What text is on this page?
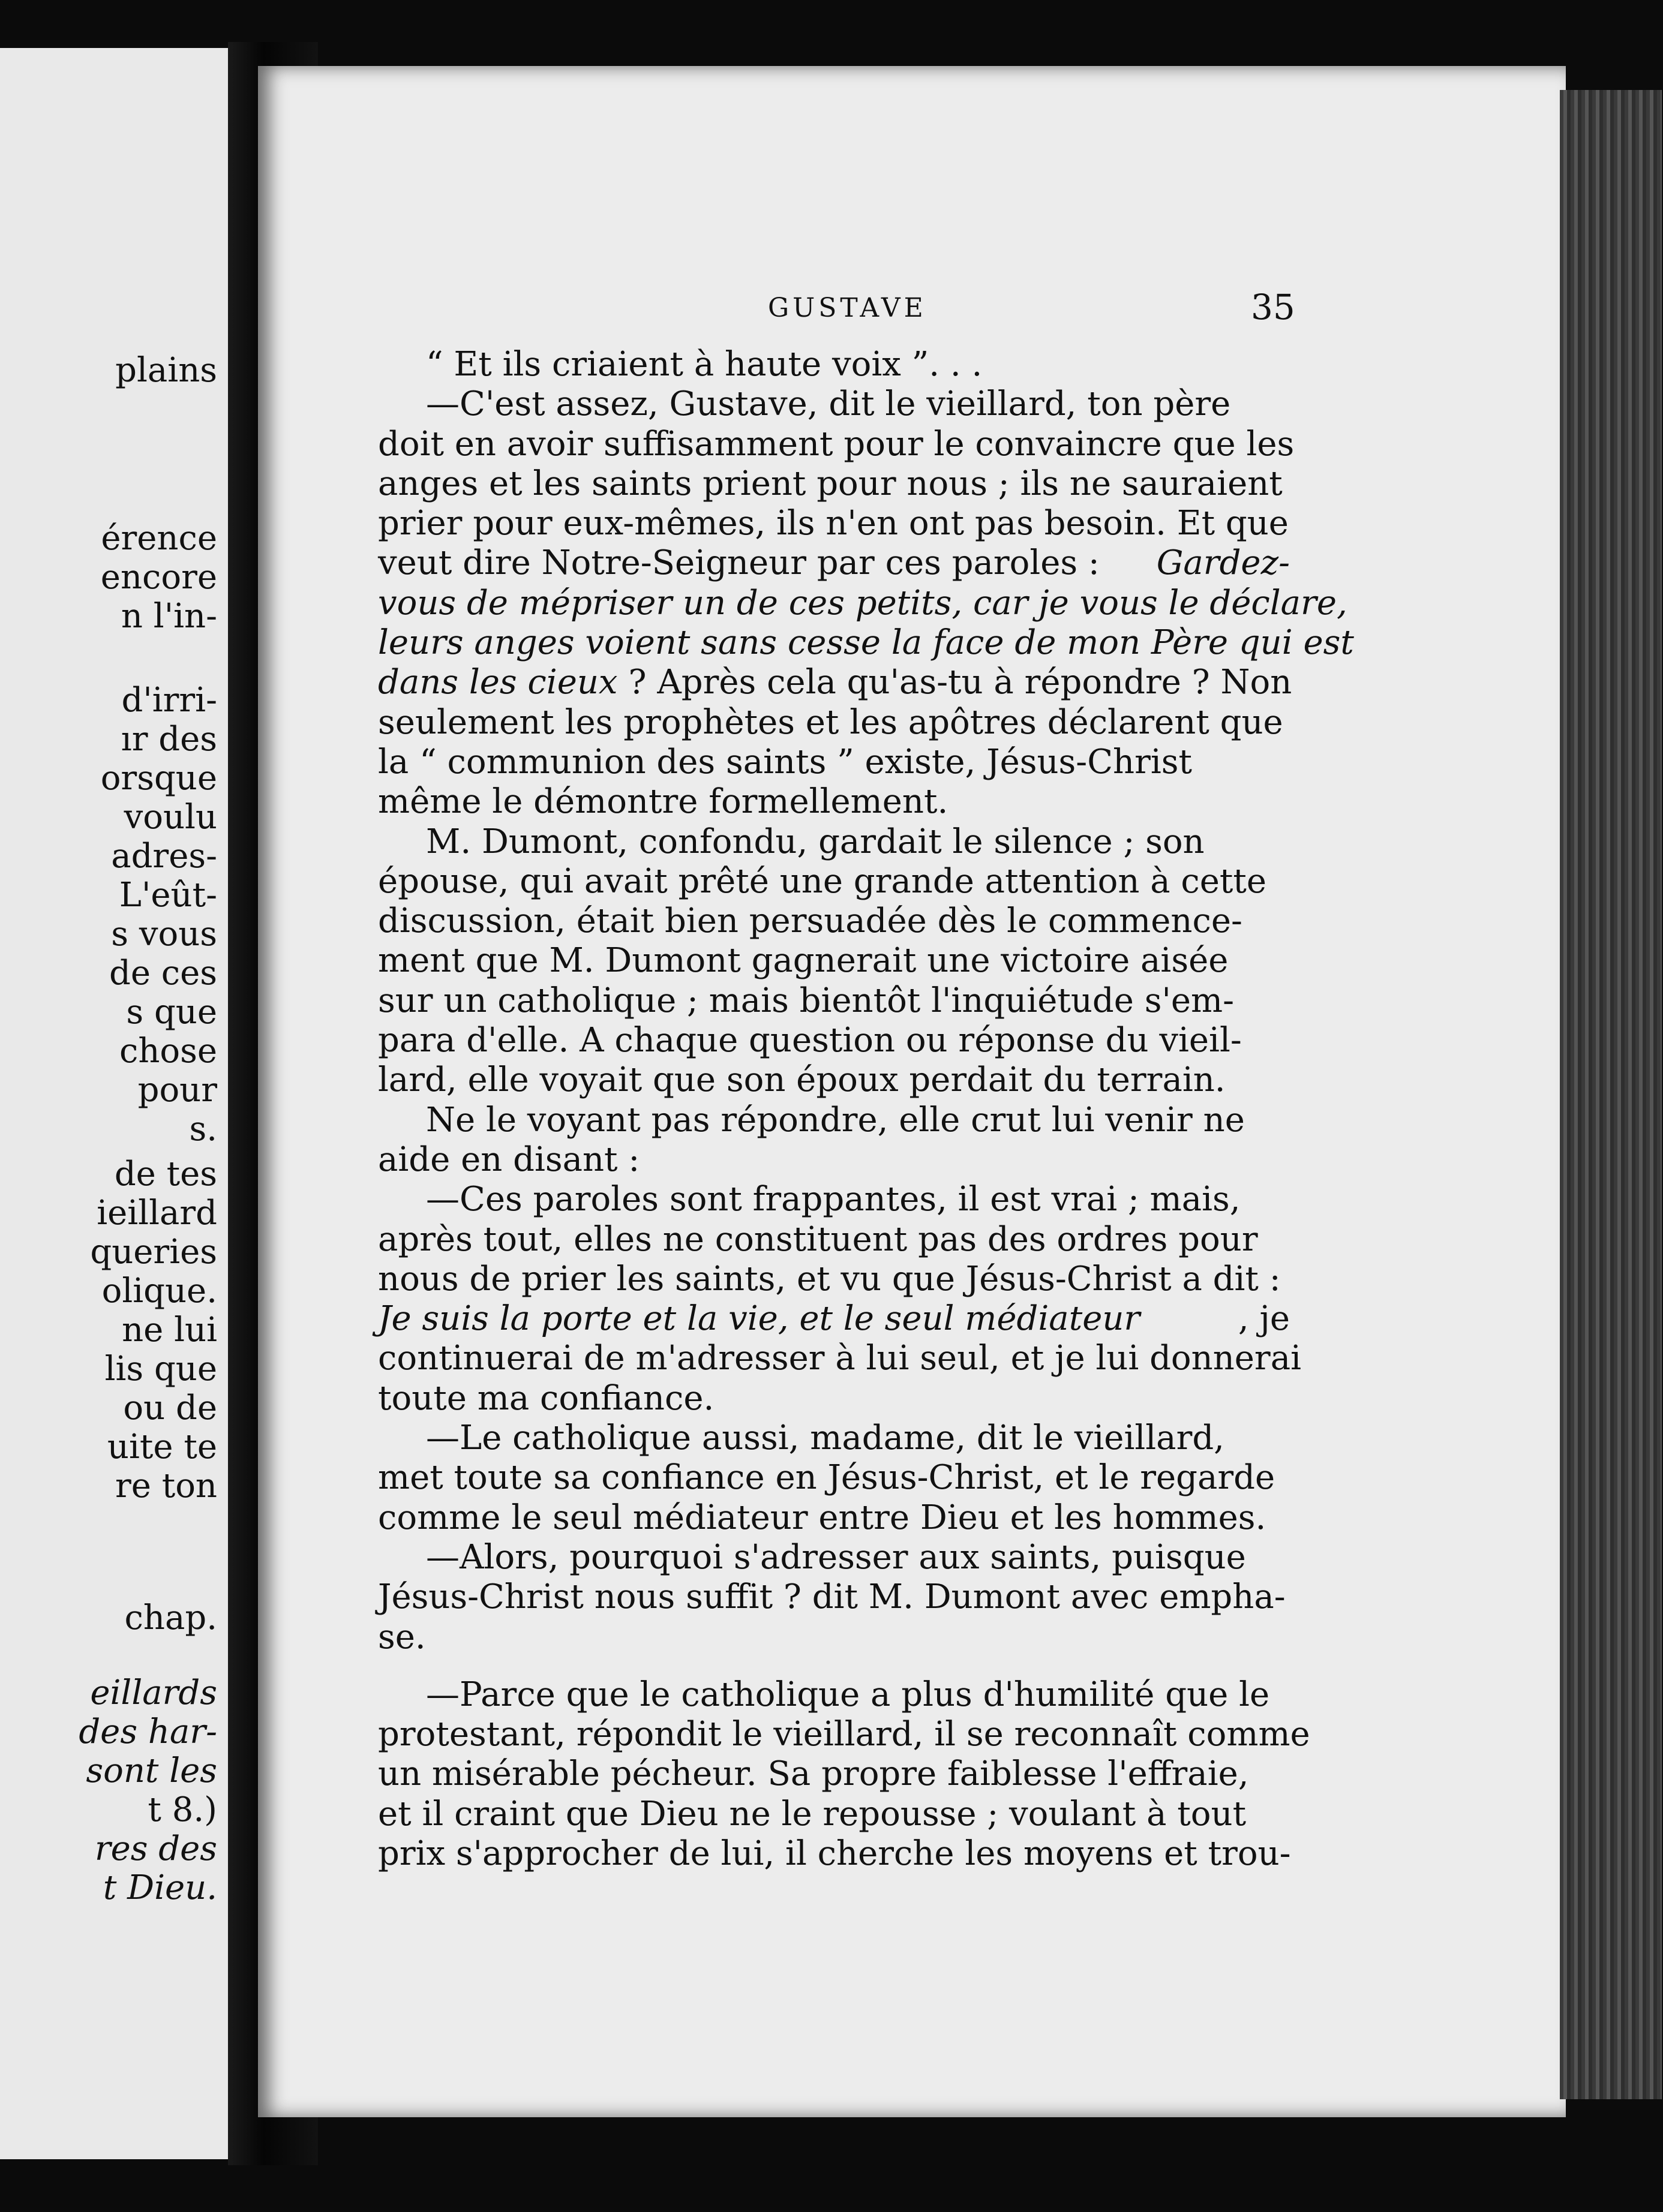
plains
érence
encore
n l'in-
d'irri-
ır des
orsque
voulu
adres-
L'eût-
s vous
de ces
s que
chose
pour
s.
de tes
ieillard
queries
olique.
ne lui
lis que
ou de
uite te
re ton
chap.
eillards
des har-
sont les
t 8.)
res des
t Dieu.
GUSTAVE	35
“ Et ils criaient à haute voix ”. . .
—C'est assez, Gustave, dit le vieillard, ton père
doit en avoir suffisamment pour le convaincre que les
anges et les saints prient pour nous ; ils ne sauraient
prier pour eux-mêmes, ils n'en ont pas besoin. Et que
veut dire Notre-Seigneur par ces paroles : Gardez-
vous de mépriser un de ces petits, car je vous le déclare,
leurs anges voient sans cesse la face de mon Père qui est
dans les cieux ? Après cela qu'as-tu à répondre ? Non
seulement les prophètes et les apôtres déclarent que
la “ communion des saints ” existe, Jésus-Christ
même le démontre formellement.
M. Dumont, confondu, gardait le silence ; son
épouse, qui avait prêté une grande attention à cette
discussion, était bien persuadée dès le commence-
ment que M. Dumont gagnerait une victoire aisée
sur un catholique ; mais bientôt l'inquiétude s'em-
para d'elle. A chaque question ou réponse du vieil-
lard, elle voyait que son époux perdait du terrain.
Ne le voyant pas répondre, elle crut lui venir ne
aide en disant :
—Ces paroles sont frappantes, il est vrai ; mais,
après tout, elles ne constituent pas des ordres pour
nous de prier les saints, et vu que Jésus-Christ a dit :
Je suis la porte et la vie, et le seul médiateur	, je
continuerai de m'adresser à lui seul, et je lui donnerai
toute ma confiance.
—Le catholique aussi, madame, dit le vieillard,
met toute sa confiance en Jésus-Christ, et le regarde
comme le seul médiateur entre Dieu et les hommes.
—Alors, pourquoi s'adresser aux saints, puisque
Jésus-Christ nous suffit ? dit M. Dumont avec empha-
se.
—Parce que le catholique a plus d'humilité que le
protestant, répondit le vieillard, il se reconnaît comme
un misérable pécheur. Sa propre faiblesse l'effraie,
et il craint que Dieu ne le repousse ; voulant à tout
prix s'approcher de lui, il cherche les moyens et trou-
